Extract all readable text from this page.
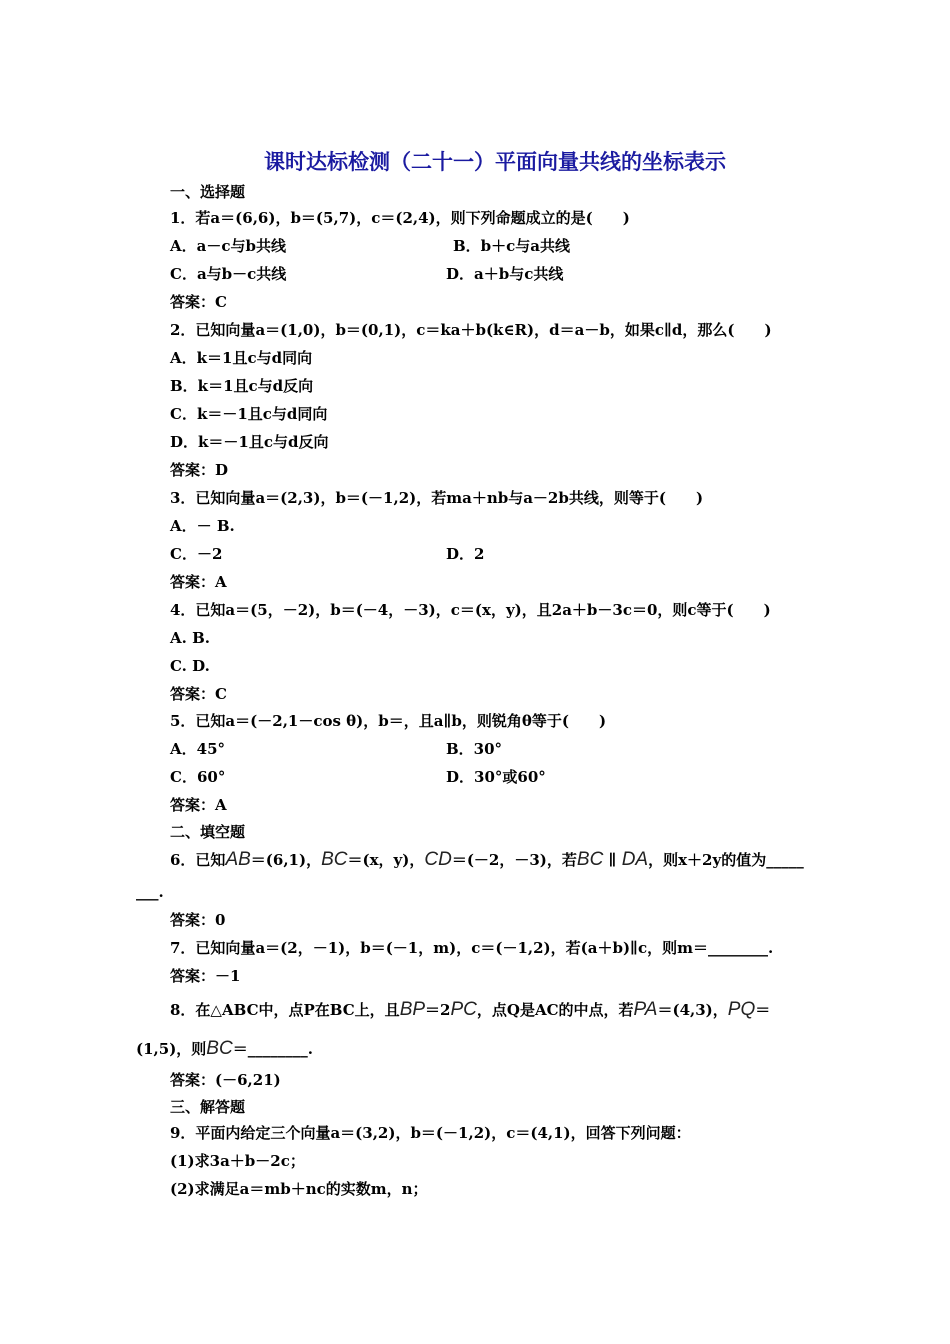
课时达标检测（二十一）平面向量共线的坐标表示
一、选择题
1．若a＝(6,6)，b＝(5,7)，c＝(2,4)，则下列命题成立的是(　　)
A．a－c与b共线	B．b＋c与a共线
C．a与b－c共线	D．a＋b与c共线
答案：C
2．已知向量a＝(1,0)，b＝(0,1)，c＝ka＋b(k∈R)，d＝a－b，如果c∥d，那么(　　)
A．k＝1且c与d同向
B．k＝1且c与d反向
C．k＝－1且c与d同向
D．k＝－1且c与d反向
答案：D
3．已知向量a＝(2,3)，b＝(－1,2)，若ma＋nb与a－2b共线，则等于(　　)
A．－ B.
C．－2	D．2
答案：A
4．已知a＝(5，－2)，b＝(－4，－3)，c＝(x，y)，且2a＋b－3c＝0，则c等于(　　)
A. B.
C. D.
答案：C
5．已知a＝(－2,1－cos θ)，b＝，且a∥b，则锐角θ等于(　　)
A．45°	B．30°
C．60°	D．30°或60°
答案：A
二、填空题
6．已知AB＝(6,1)，BC＝(x，y)，CD＝(－2，－3)，若BC ∥ DA，则x＋2y的值为_____
___.
答案：0
7．已知向量a＝(2，－1)，b＝(－1，m)，c＝(－1,2)，若(a＋b)∥c，则m＝________.
答案：－1
8．在△ABC中，点P在BC上，且BP＝2PC，点Q是AC的中点，若PA＝(4,3)，PQ＝
(1,5)，则BC＝________.
答案：(－6,21)
三、解答题
9．平面内给定三个向量a＝(3,2)，b＝(－1,2)，c＝(4,1)，回答下列问题：
(1)求3a＋b－2c；
(2)求满足a＝mb＋nc的实数m，n；
